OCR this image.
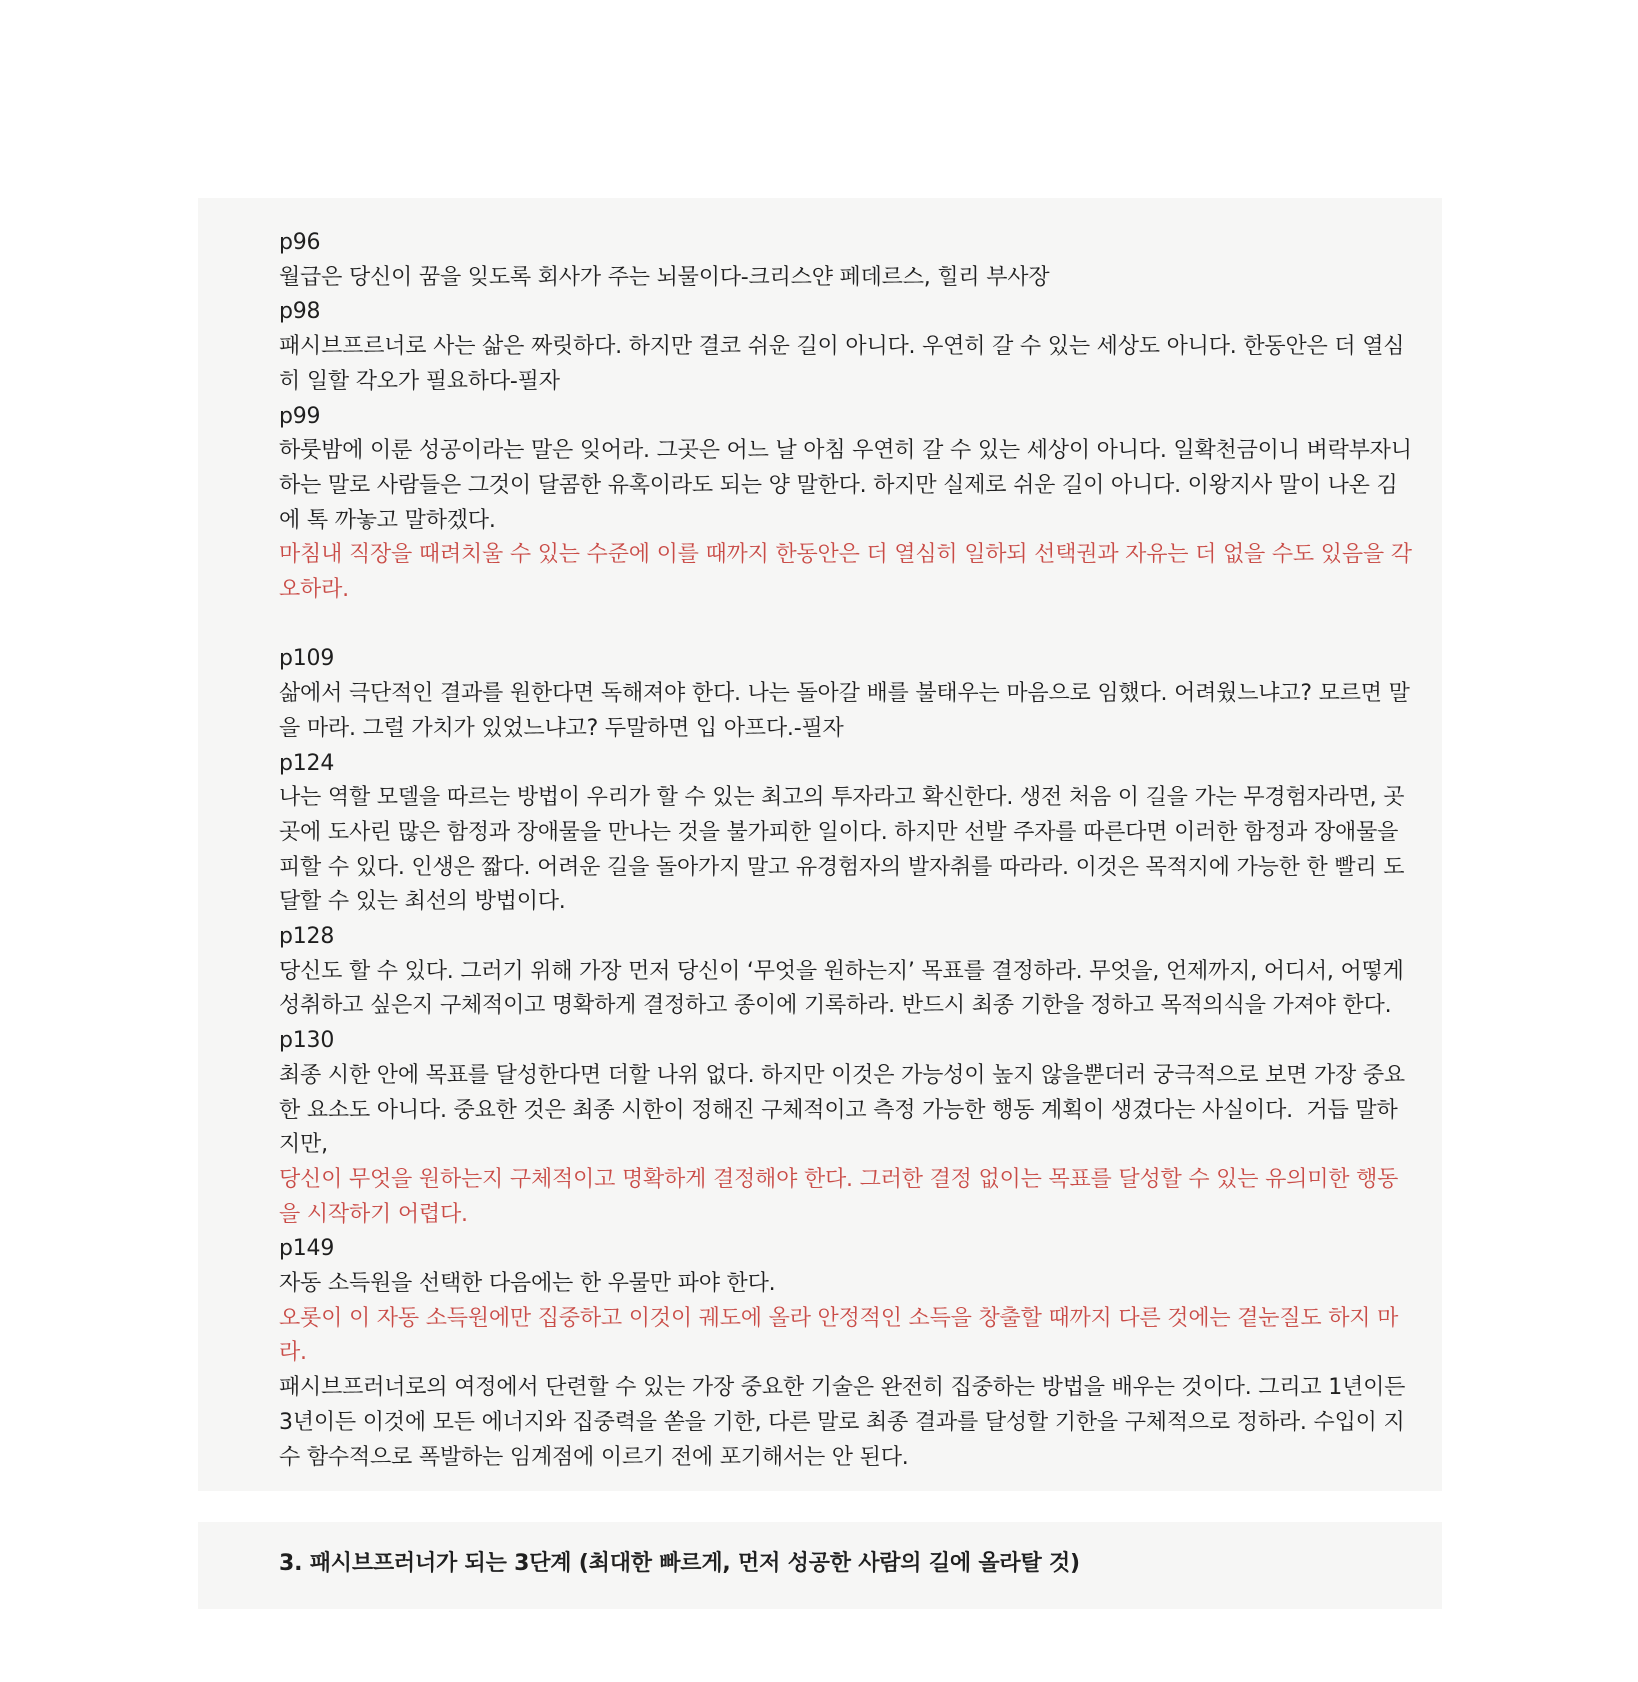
p96
월급은 당신이 꿈을 잊도록 회사가 주는 뇌물이다-크리스얀 페데르스, 힐리 부사장
p98
패시브프르너로 사는 삶은 짜릿하다. 하지만 결코 쉬운 길이 아니다. 우연히 갈 수 있는 세상도 아니다. 한동안은 더 열심
히 일할 각오가 필요하다-필자
p99
하룻밤에 이룬 성공이라는 말은 잊어라. 그곳은 어느 날 아침 우연히 갈 수 있는 세상이 아니다. 일확천금이니 벼락부자니
하는 말로 사람들은 그것이 달콤한 유혹이라도 되는 양 말한다. 하지만 실제로 쉬운 길이 아니다. 이왕지사 말이 나온 김
에 톡 까놓고 말하겠다.
마침내 직장을 때려치울 수 있는 수준에 이를 때까지 한동안은 더 열심히 일하되 선택권과 자유는 더 없을 수도 있음을 각
오하라.
p109
삶에서 극단적인 결과를 원한다면 독해져야 한다. 나는 돌아갈 배를 불태우는 마음으로 임했다. 어려웠느냐고? 모르면 말
을 마라. 그럴 가치가 있었느냐고? 두말하면 입 아프다.-필자
p124
나는 역할 모델을 따르는 방법이 우리가 할 수 있는 최고의 투자라고 확신한다. 생전 처음 이 길을 가는 무경험자라면, 곳
곳에 도사린 많은 함정과 장애물을 만나는 것을 불가피한 일이다. 하지만 선발 주자를 따른다면 이러한 함정과 장애물을
피할 수 있다. 인생은 짧다. 어려운 길을 돌아가지 말고 유경험자의 발자취를 따라라. 이것은 목적지에 가능한 한 빨리 도
달할 수 있는 최선의 방법이다.
p128
당신도 할 수 있다. 그러기 위해 가장 먼저 당신이 ‘무엇을 원하는지’ 목표를 결정하라. 무엇을, 언제까지, 어디서, 어떻게
성취하고 싶은지 구체적이고 명확하게 결정하고 종이에 기록하라. 반드시 최종 기한을 정하고 목적의식을 가져야 한다.
p130
최종 시한 안에 목표를 달성한다면 더할 나위 없다. 하지만 이것은 가능성이 높지 않을뿐더러 궁극적으로 보면 가장 중요
한 요소도 아니다. 중요한 것은 최종 시한이 정해진 구체적이고 측정 가능한 행동 계획이 생겼다는 사실이다.  거듭 말하
지만,
당신이 무엇을 원하는지 구체적이고 명확하게 결정해야 한다. 그러한 결정 없이는 목표를 달성할 수 있는 유의미한 행동
을 시작하기 어렵다.
p149
자동 소득원을 선택한 다음에는 한 우물만 파야 한다.
오롯이 이 자동 소득원에만 집중하고 이것이 궤도에 올라 안정적인 소득을 창출할 때까지 다른 것에는 곁눈질도 하지 마
라.
패시브프러너로의 여정에서 단련할 수 있는 가장 중요한 기술은 완전히 집중하는 방법을 배우는 것이다. 그리고 1년이든
3년이든 이것에 모든 에너지와 집중력을 쏟을 기한, 다른 말로 최종 결과를 달성할 기한을 구체적으로 정하라. 수입이 지
수 함수적으로 폭발하는 임계점에 이르기 전에 포기해서는 안 된다.
3. 패시브프러너가 되는 3단계 (최대한 빠르게, 먼저 성공한 사람의 길에 올라탈 것)
